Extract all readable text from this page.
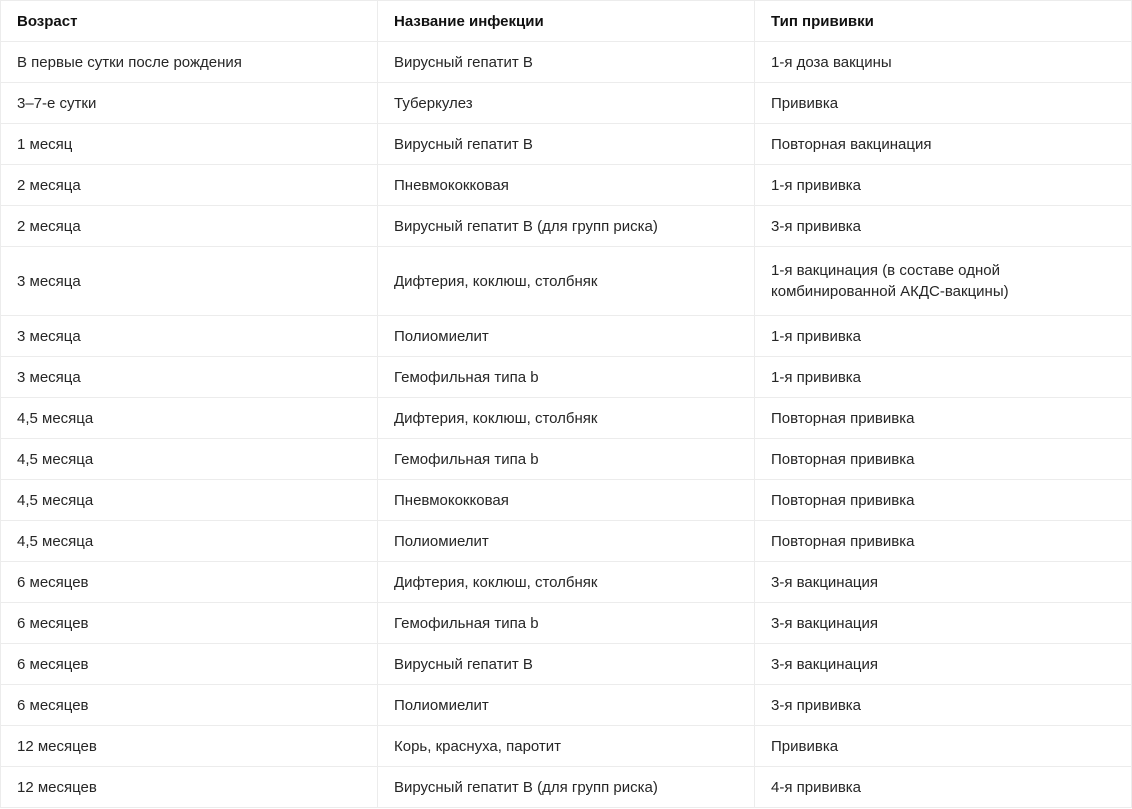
Возраст	Название инфекции	Тип прививки
В первые сутки после рождения	Вирусный гепатит В	1-я доза вакцины
3–7-е сутки	Туберкулез	Прививка
1 месяц	Вирусный гепатит В	Повторная вакцинация
2 месяца	Пневмококковая	1-я прививка
2 месяца	Вирусный гепатит В (для групп риска)	3-я прививка
3 месяца	Дифтерия, коклюш, столбняк	1-я вакцинация (в составе одной комбинированной АКДС-вакцины)
3 месяца	Полиомиелит	1-я прививка
3 месяца	Гемофильная типа b	1-я прививка
4,5 месяца	Дифтерия, коклюш, столбняк	Повторная прививка
4,5 месяца	Гемофильная типа b	Повторная прививка
4,5 месяца	Пневмококковая	Повторная прививка
4,5 месяца	Полиомиелит	Повторная прививка
6 месяцев	Дифтерия, коклюш, столбняк	3-я вакцинация
6 месяцев	Гемофильная типа b	3-я вакцинация
6 месяцев	Вирусный гепатит В	3-я вакцинация
6 месяцев	Полиомиелит	3-я прививка
12 месяцев	Корь, краснуха, паротит	Прививка
12 месяцев	Вирусный гепатит В (для групп риска)	4-я прививка
